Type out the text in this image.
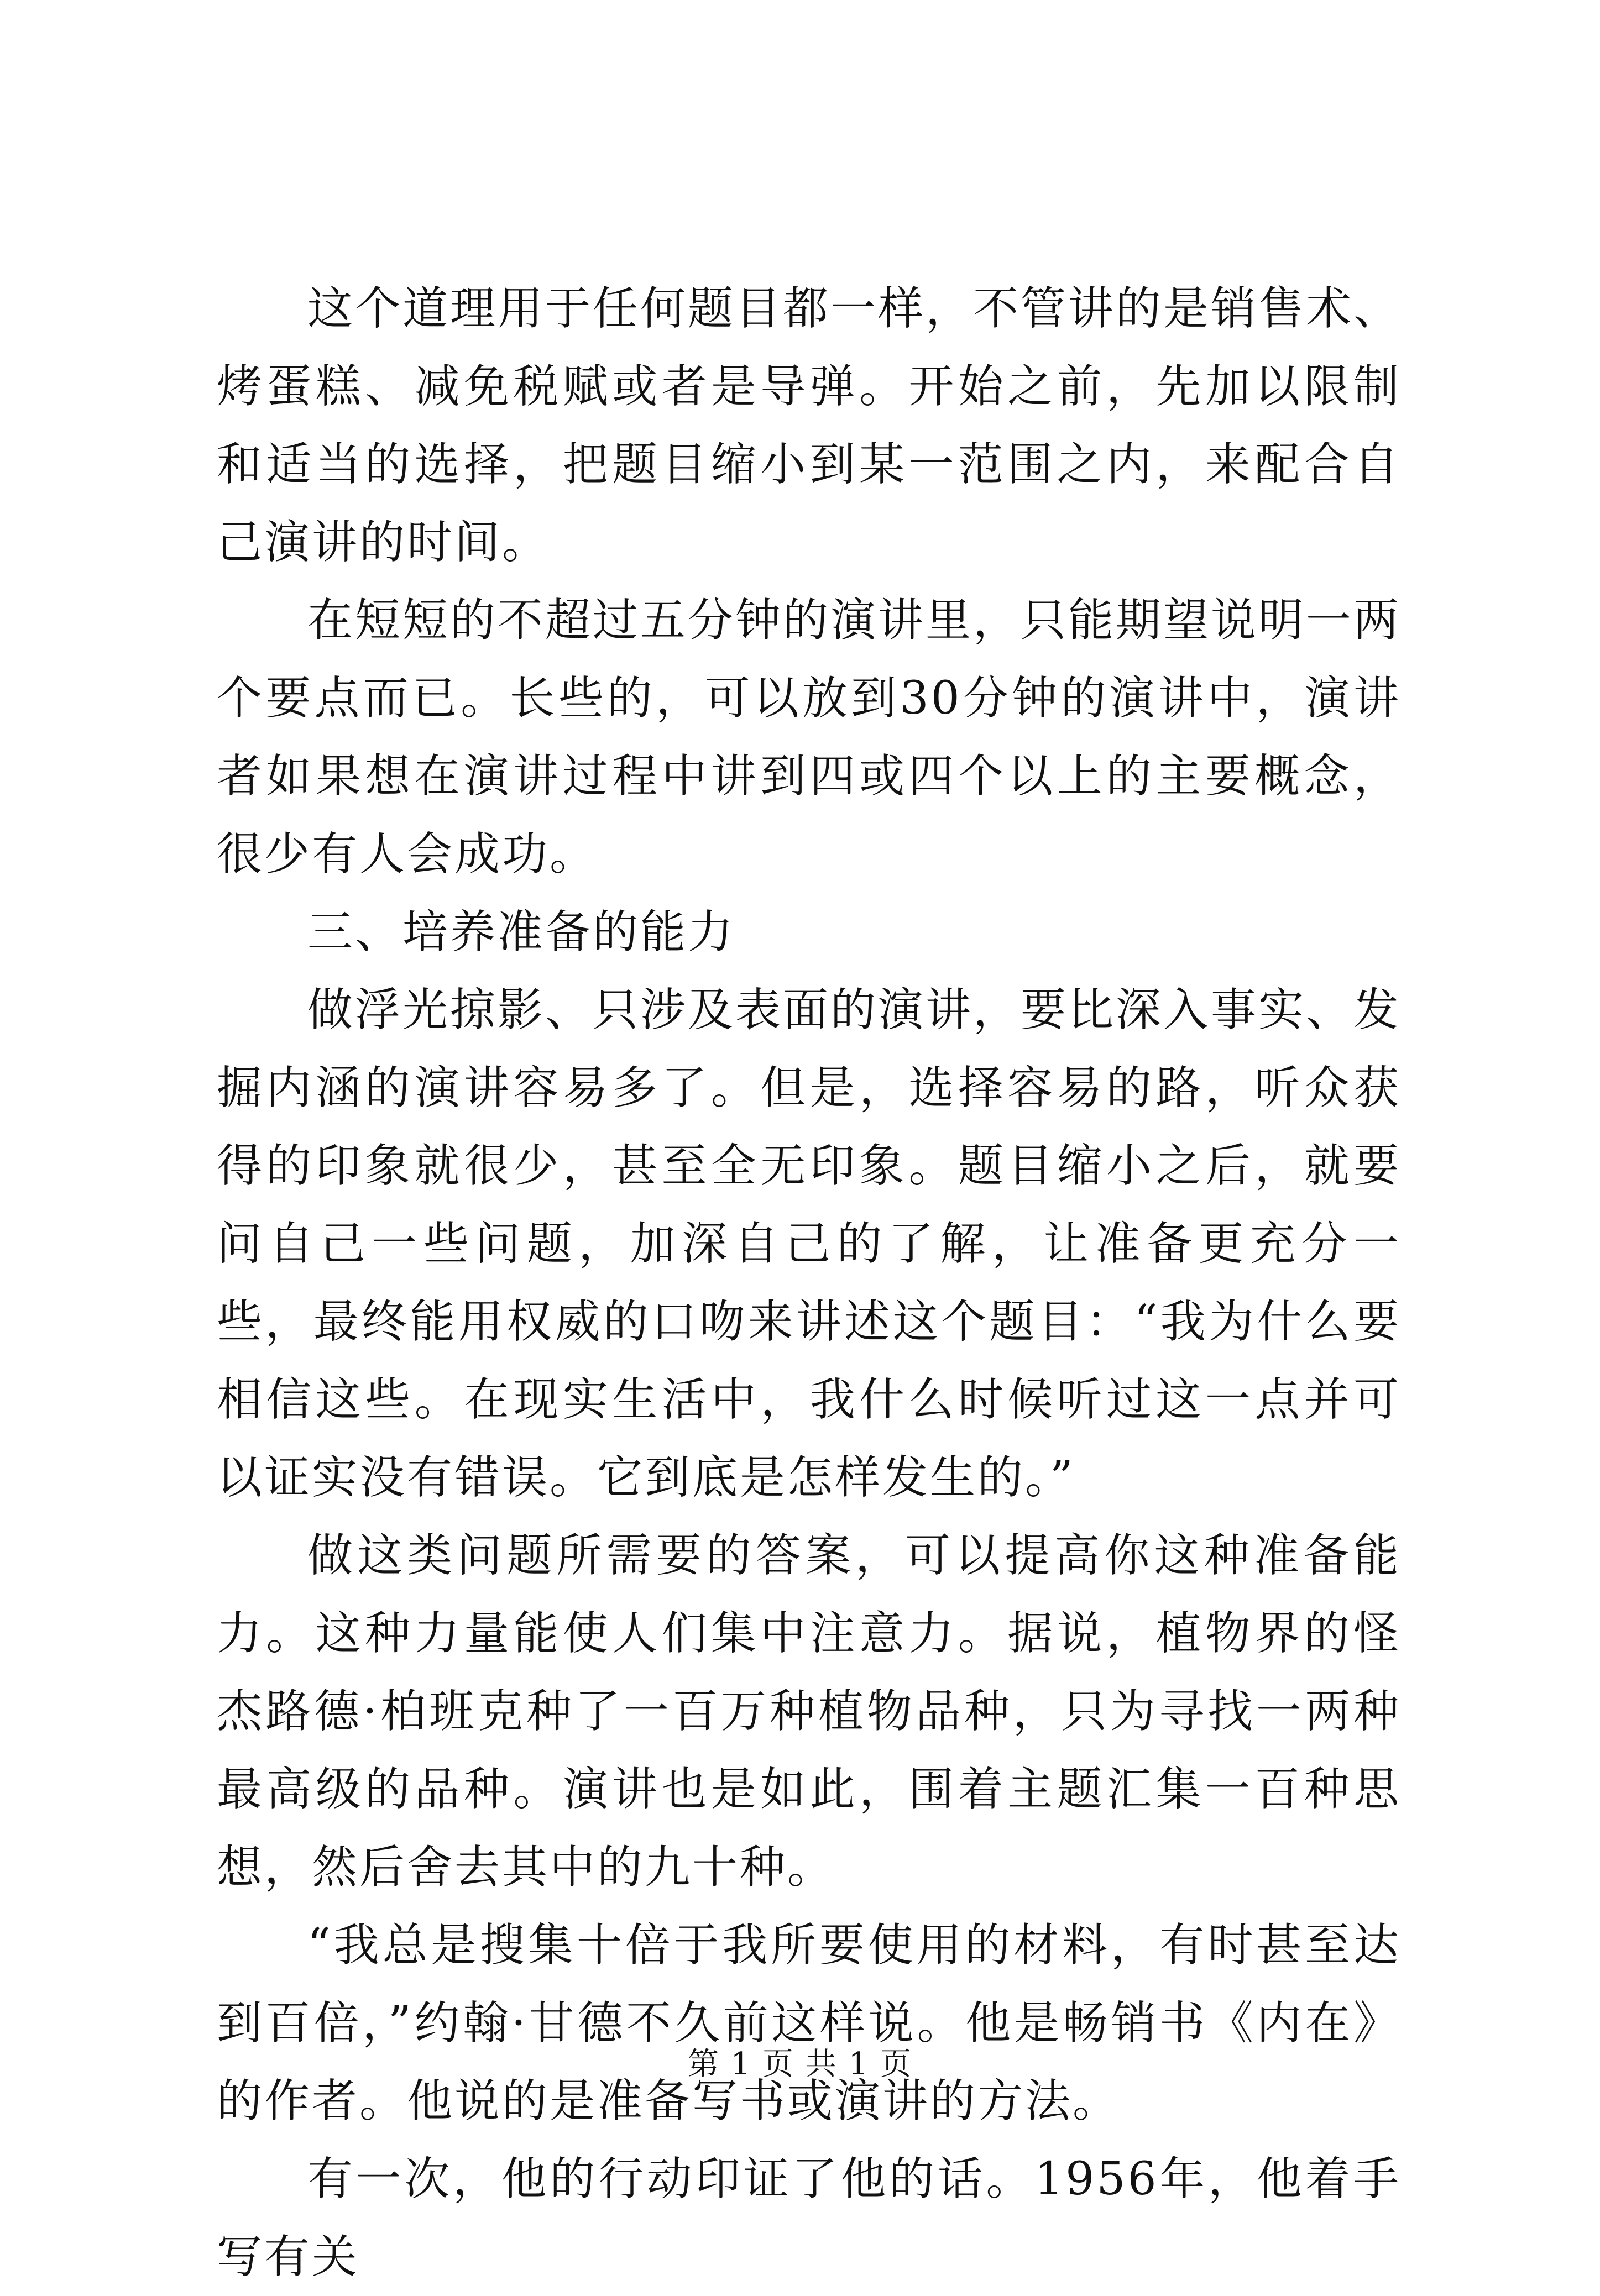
这个道理用于任何题目都一样，不管讲的是销售术、烤蛋糕、减免税赋或者是导弹。开始之前，先加以限制和适当的选择，把题目缩小到某一范围之内，来配合自己演讲的时间。

在短短的不超过五分钟的演讲里，只能期望说明一两个要点而已。长些的，可以放到30分钟的演讲中，演讲者如果想在演讲过程中讲到四或四个以上的主要概念，很少有人会成功。

三、培养准备的能力

做浮光掠影、只涉及表面的演讲，要比深入事实、发掘内涵的演讲容易多了。但是，选择容易的路，听众获得的印象就很少，甚至全无印象。题目缩小之后，就要问自己一些问题，加深自己的了解，让准备更充分一些，最终能用权威的口吻来讲述这个题目：“我为什么要相信这些。在现实生活中，我什么时候听过这一点并可以证实没有错误。它到底是怎样发生的。”

做这类问题所需要的答案，可以提高你这种准备能力。这种力量能使人们集中注意力。据说，植物界的怪杰路德·柏班克种了一百万种植物品种，只为寻找一两种最高级的品种。演讲也是如此，围着主题汇集一百种思想，然后舍去其中的九十种。

“我总是搜集十倍于我所要使用的材料，有时甚至达到百倍，”约翰·甘德不久前这样说。他是畅销书《内在》的作者。他说的是准备写书或演讲的方法。

有一次，他的行动印证了他的话。1956年，他着手写有关

第 1 页 共 1 页
